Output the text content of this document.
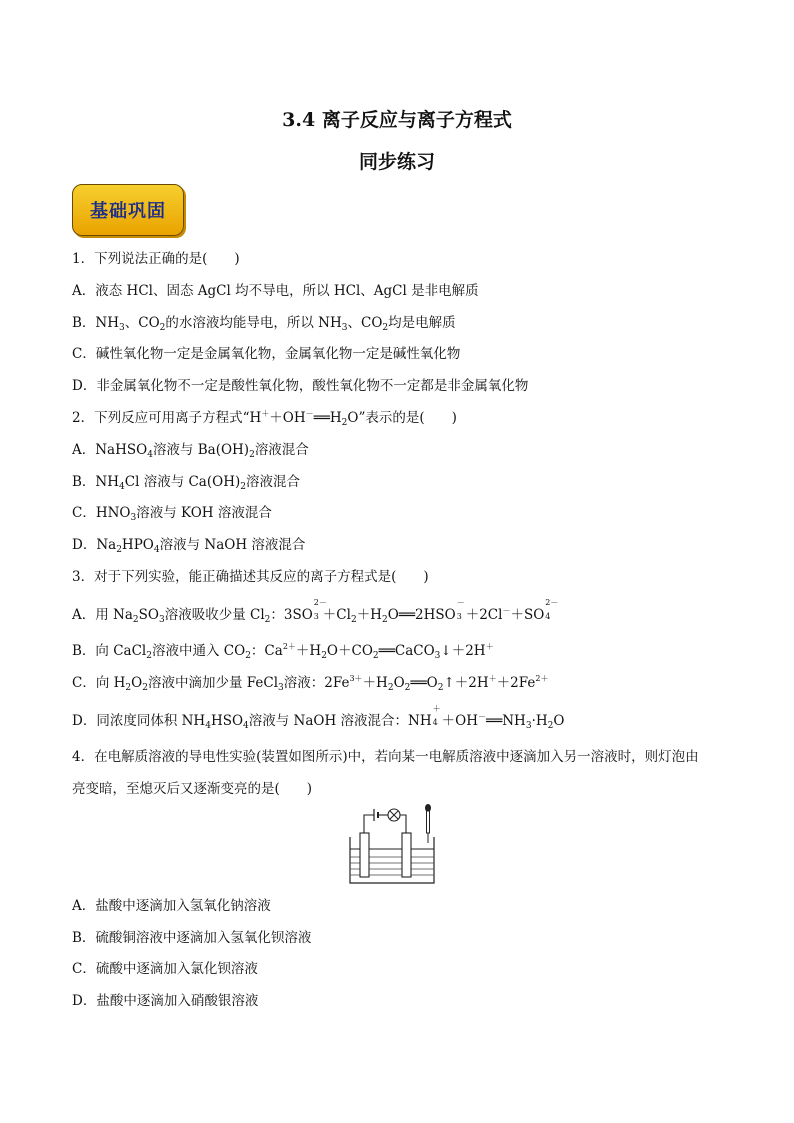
3.4 离子反应与离子方程式
同步练习
基础巩固
1．下列说法正确的是(　　)
A．液态 HCl、固态 AgCl 均不导电，所以 HCl、AgCl 是非电解质
B．$NH_3$、$CO_2$的水溶液均能导电，所以 $NH_3$、$CO_2$均是电解质
C．碱性氧化物一定是金属氧化物，金属氧化物一定是碱性氧化物
D．非金属氧化物不一定是酸性氧化物，酸性氧化物不一定都是非金属氧化物
2．下列反应可用离子方程式“$H^++OH^-══H_2O$”表示的是(　　)
A．NaHSO$_4$溶液与 $Ba(OH)_2$溶液混合
B．$NH_4Cl$ 溶液与 $Ca(OH)_2$溶液混合
C．$HNO_3$溶液与 KOH 溶液混合
D．$Na_2HPO_4$溶液与 NaOH 溶液混合
3．对于下列实验，能正确描述其反应的离子方程式是(　　)
A．用 $Na_2SO_3$溶液吸收少量 $Cl_2$：3SO
2－
$3 +Cl_2+H_2O══2HSO$
－
3 ＋2Cl－＋SO
2－
4
B．向 CaCl$_2$溶液中通入 $CO_2$：$Ca^{2+}+H_2O+CO_2══CaCO_3↓+2H^+$
C．向 $H_2O_2$溶液中滴加少量 FeCl$_3$溶液：$2Fe^{3+}+H_2O_2══O_2↑+2H^++2Fe^{2+}$
D．同浓度同体积 $NH_4HSO_4$溶液与 NaOH 溶液混合：NH
＋
$4 +OH^-══NH_3\cdot H_2O$
4．在电解质溶液的导电性实验(装置如图所示)中，若向某一电解质溶液中逐滴加入另一溶液时，则灯泡由
亮变暗，至熄灭后又逐渐变亮的是(　　)
A．盐酸中逐滴加入氢氧化钠溶液
B．硫酸铜溶液中逐滴加入氢氧化钡溶液
C．硫酸中逐滴加入氯化钡溶液
D．盐酸中逐滴加入硝酸银溶液
